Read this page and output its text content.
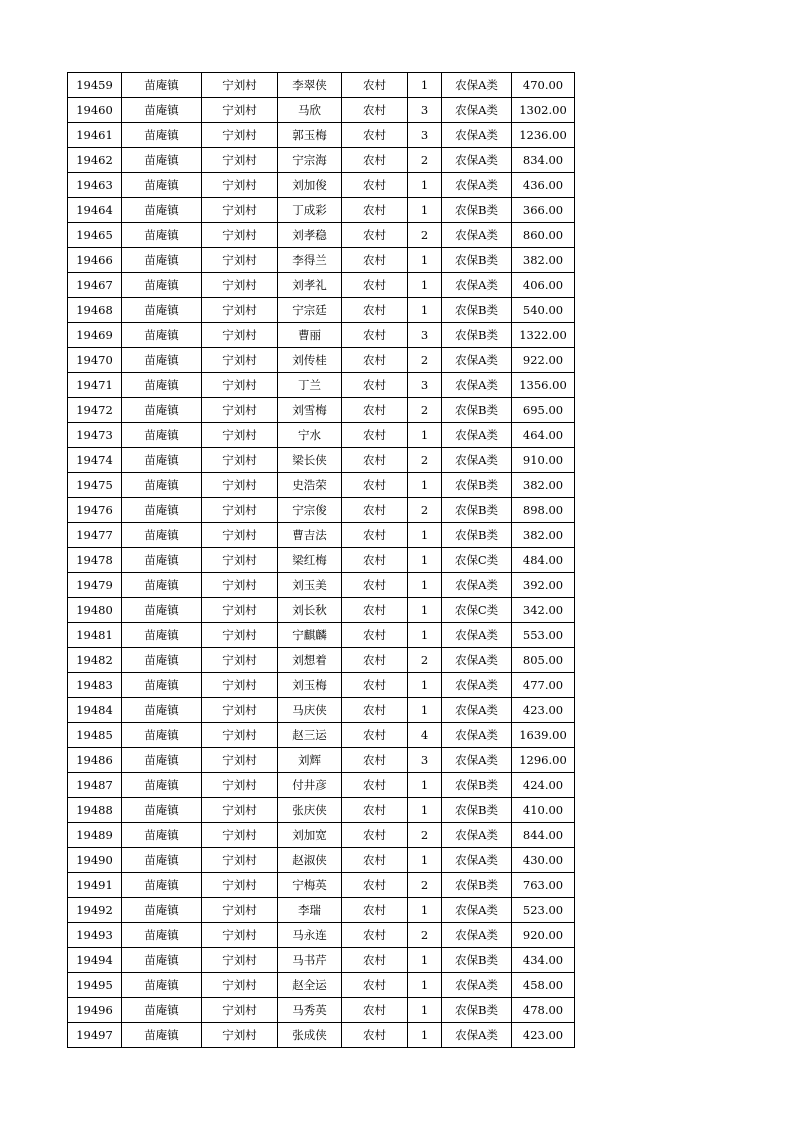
19459	苗庵镇	宁刘村	李翠侠	农村	1	农保A类	470.00
19460	苗庵镇	宁刘村	马欣	农村	3	农保A类	1302.00
19461	苗庵镇	宁刘村	郭玉梅	农村	3	农保A类	1236.00
19462	苗庵镇	宁刘村	宁宗海	农村	2	农保A类	834.00
19463	苗庵镇	宁刘村	刘加俊	农村	1	农保A类	436.00
19464	苗庵镇	宁刘村	丁成彩	农村	1	农保B类	366.00
19465	苗庵镇	宁刘村	刘孝稳	农村	2	农保A类	860.00
19466	苗庵镇	宁刘村	李得兰	农村	1	农保B类	382.00
19467	苗庵镇	宁刘村	刘孝礼	农村	1	农保A类	406.00
19468	苗庵镇	宁刘村	宁宗廷	农村	1	农保B类	540.00
19469	苗庵镇	宁刘村	曹丽	农村	3	农保B类	1322.00
19470	苗庵镇	宁刘村	刘传桂	农村	2	农保A类	922.00
19471	苗庵镇	宁刘村	丁兰	农村	3	农保A类	1356.00
19472	苗庵镇	宁刘村	刘雪梅	农村	2	农保B类	695.00
19473	苗庵镇	宁刘村	宁水	农村	1	农保A类	464.00
19474	苗庵镇	宁刘村	梁长侠	农村	2	农保A类	910.00
19475	苗庵镇	宁刘村	史浩荣	农村	1	农保B类	382.00
19476	苗庵镇	宁刘村	宁宗俊	农村	2	农保B类	898.00
19477	苗庵镇	宁刘村	曹吉法	农村	1	农保B类	382.00
19478	苗庵镇	宁刘村	梁红梅	农村	1	农保C类	484.00
19479	苗庵镇	宁刘村	刘玉美	农村	1	农保A类	392.00
19480	苗庵镇	宁刘村	刘长秋	农村	1	农保C类	342.00
19481	苗庵镇	宁刘村	宁麒麟	农村	1	农保A类	553.00
19482	苗庵镇	宁刘村	刘想着	农村	2	农保A类	805.00
19483	苗庵镇	宁刘村	刘玉梅	农村	1	农保A类	477.00
19484	苗庵镇	宁刘村	马庆侠	农村	1	农保A类	423.00
19485	苗庵镇	宁刘村	赵三运	农村	4	农保A类	1639.00
19486	苗庵镇	宁刘村	刘辉	农村	3	农保A类	1296.00
19487	苗庵镇	宁刘村	付井彦	农村	1	农保B类	424.00
19488	苗庵镇	宁刘村	张庆侠	农村	1	农保B类	410.00
19489	苗庵镇	宁刘村	刘加宽	农村	2	农保A类	844.00
19490	苗庵镇	宁刘村	赵淑侠	农村	1	农保A类	430.00
19491	苗庵镇	宁刘村	宁梅英	农村	2	农保B类	763.00
19492	苗庵镇	宁刘村	李瑞	农村	1	农保A类	523.00
19493	苗庵镇	宁刘村	马永连	农村	2	农保A类	920.00
19494	苗庵镇	宁刘村	马书芹	农村	1	农保B类	434.00
19495	苗庵镇	宁刘村	赵全运	农村	1	农保A类	458.00
19496	苗庵镇	宁刘村	马秀英	农村	1	农保B类	478.00
19497	苗庵镇	宁刘村	张成侠	农村	1	农保A类	423.00
